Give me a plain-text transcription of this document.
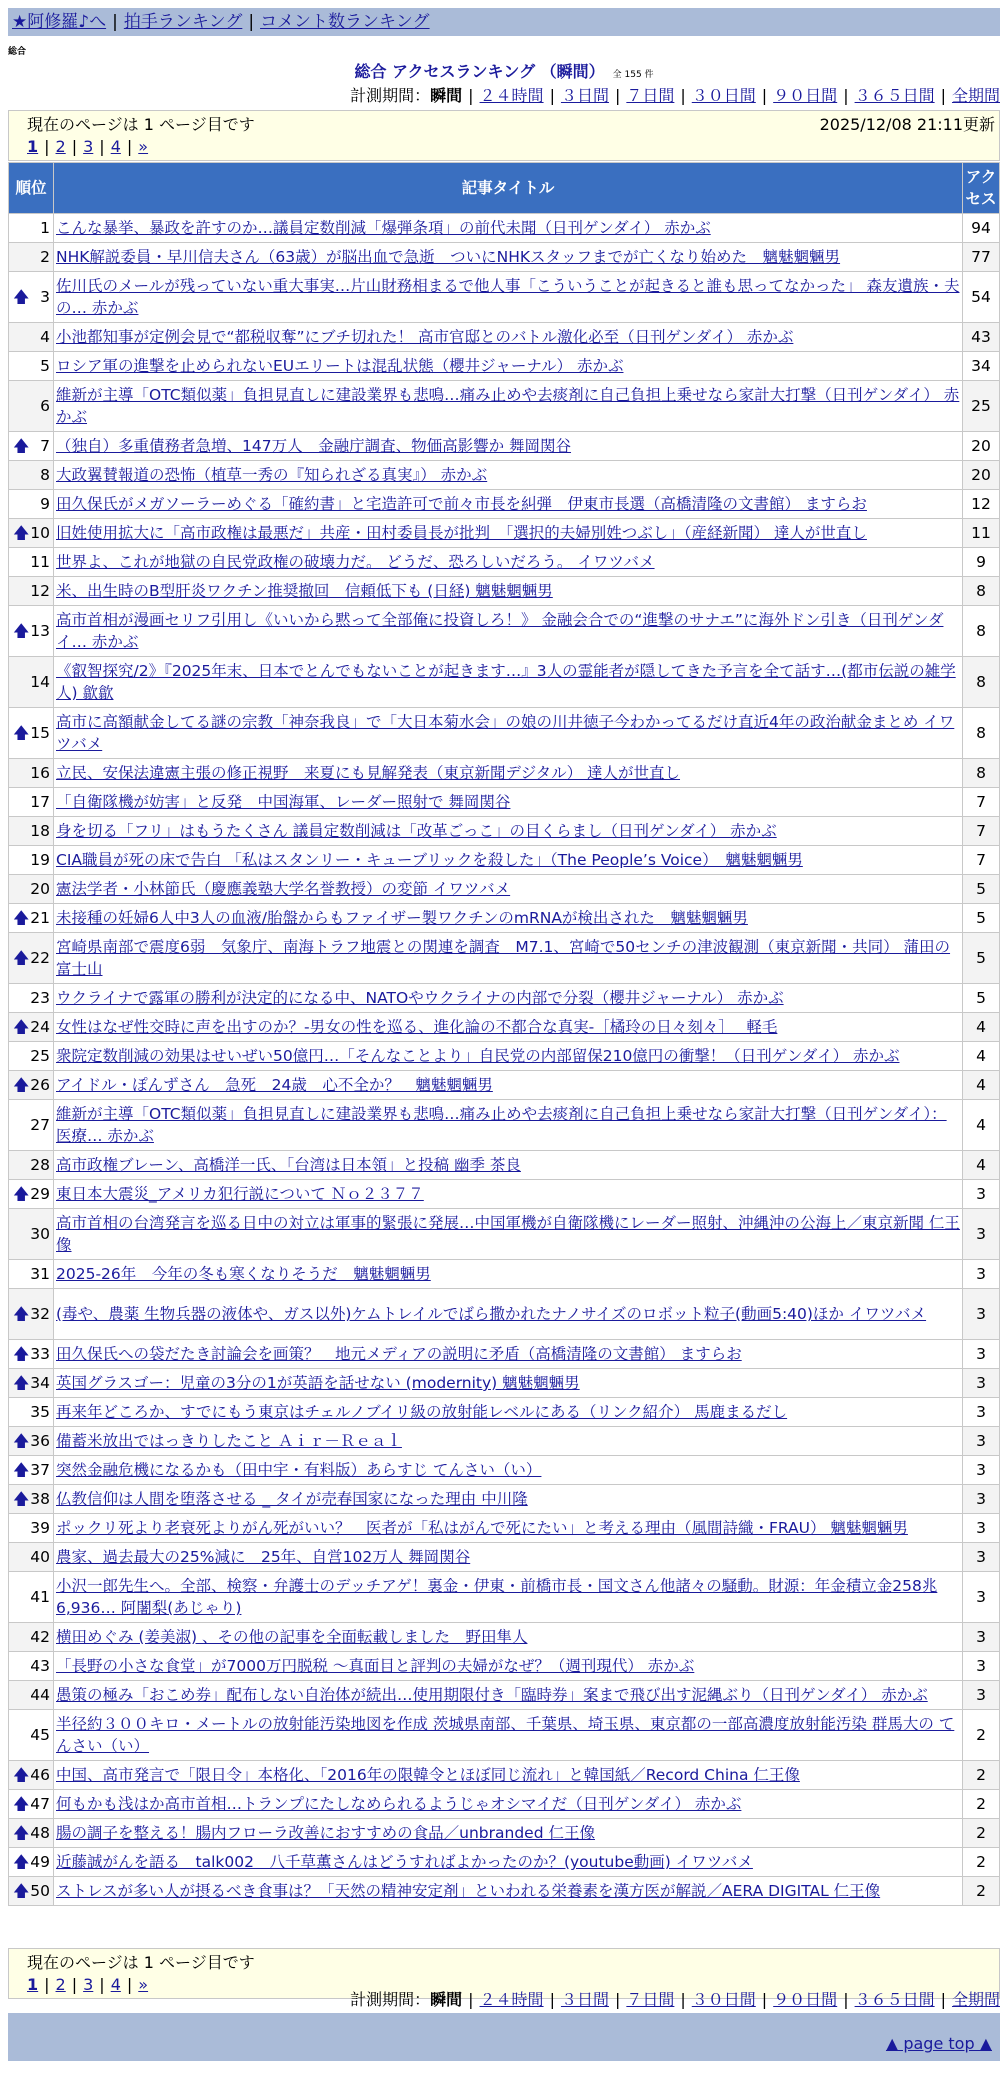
★阿修羅♪へ | 拍手ランキング | コメント数ランキング
総合
総合 アクセスランキング （瞬間） 全 155 件
計測期間：瞬間 | ２４時間 | ３日間 | ７日間 | ３０日間 | ９０日間 | ３６５日間 | 全期間
現在のページは 1 ページ目です	2025/12/08 21:11更新
1 | 2 | 3 | 4 | »
順位	記事タイトル	アクセス
1	こんな暴挙、暴政を許すのか…議員定数削減「爆弾条項」の前代未聞（日刊ゲンダイ） 赤かぶ	94
2	NHK解説委員・早川信夫さん（63歳）が脳出血で急逝　ついにNHKスタッフまでが亡くなり始めた　魑魅魍魎男	77

🡅 3	佐川氏のメールが残っていない重大事実…片山財務相まるで他人事「こういうことが起きると誰も思ってなかった」 森友遺族・夫の… 赤かぶ	54
4	小池都知事が定例会見で“都税収奪”にブチ切れた！ 高市官邸とのバトル激化必至（日刊ゲンダイ） 赤かぶ	43
5	ロシア軍の進撃を止められないEUエリートは混乱状態（櫻井ジャーナル） 赤かぶ	34
6	維新が主導「OTC類似薬」負担見直しに建設業界も悲鳴…痛み止めや去痰剤に自己負担上乗せなら家計大打撃（日刊ゲンダイ） 赤かぶ	25

🡅 7	（独自）多重債務者急増、147万人　金融庁調査、物価高影響か 舞岡関谷	20
8	大政翼賛報道の恐怖（植草一秀の『知られざる真実』） 赤かぶ	20
9	田久保氏がメガソーラーめぐる「確約書」と宅造許可で前々市長を糾弾　伊東市長選（高橋清隆の文書館） ますらお	12

🡅 10	旧姓使用拡大に「高市政権は最悪だ」共産・田村委員長が批判　「選択的夫婦別姓つぶし」（産経新聞） 達人が世直し	11
11	世界よ、これが地獄の自民党政権の破壊力だ。 どうだ、恐ろしいだろう。 イワツバメ	9
12	米、出生時のB型肝炎ワクチン推奨撤回　信頼低下も (日経) 魑魅魍魎男	8

🡅 13	高市首相が漫画セリフ引用し《いいから黙って全部俺に投資しろ！》 金融会合での“進撃のサナエ”に海外ドン引き（日刊ゲンダイ… 赤かぶ	8
14	《叡智探究/2》『2025年末、日本でとんでもないことが起きます…』3人の霊能者が隠してきた予言を全て話す…(都市伝説の雑学人) 歙歙	8

🡅 15	高市に高額献金してる謎の宗教「神奈我良」で「大日本菊水会」の娘の川井徳子今わかってるだけ直近4年の政治献金まとめ イワツバメ	8
16	立民、安保法違憲主張の修正視野　来夏にも見解発表（東京新聞デジタル） 達人が世直し	8
17	「自衛隊機が妨害」と反発　中国海軍、レーダー照射で 舞岡関谷	7
18	身を切る「フリ」はもうたくさん 議員定数削減は「改革ごっこ」の目くらまし（日刊ゲンダイ） 赤かぶ	7
19	CIA職員が死の床で告白 「私はスタンリー・キューブリックを殺した」（The People’s Voice）　魑魅魍魎男	7
20	憲法学者・小林節氏（慶應義塾大学名誉教授）の変節 イワツバメ	5

🡅 21	未接種の妊婦6人中3人の血液/胎盤からもファイザー製ワクチンのmRNAが検出された　魑魅魍魎男	5

🡅 22	宮崎県南部で震度6弱　気象庁、南海トラフ地震との関連を調査　M7.1、宮崎で50センチの津波観測（東京新聞・共同） 蒲田の富士山	5
23	ウクライナで露軍の勝利が決定的になる中、NATOやウクライナの内部で分裂（櫻井ジャーナル） 赤かぶ	5

🡅 24	女性はなぜ性交時に声を出すのか？-男女の性を巡る、進化論の不都合な真実-［橘玲の日々刻々］　 軽毛	4
25	衆院定数削減の効果はせいぜい50億円…「そんなことより」自民党の内部留保210億円の衝撃！（日刊ゲンダイ） 赤かぶ	4

🡅 26	アイドル・ぽんずさん　急死　24歳　心不全か？　魑魅魍魎男	4
27	維新が主導「OTC類似薬」負担見直しに建設業界も悲鳴…痛み止めや去痰剤に自己負担上乗せなら家計大打撃（日刊ゲンダイ）：医療… 赤かぶ	4
28	高市政権ブレーン、高橋洋一氏、「台湾は日本領」と投稿 幽季 茶良	4

🡅 29	東日本大震災_アメリカ犯行説について Ｎｏ２３７７	3
30	高市首相の台湾発言を巡る日中の対立は軍事的緊張に発展…中国軍機が自衛隊機にレーダー照射、沖縄沖の公海上／東京新聞 仁王像	3
31	2025-26年　今年の冬も寒くなりそうだ　魑魅魍魎男	3

🡅 32	(毒や、農薬 生物兵器の液体や、ガス以外)ケムトレイルでばら撒かれたナノサイズのロボット粒子(動画5:40)ほか イワツバメ	3

🡅 33	田久保氏への袋だたき討論会を画策？　地元メディアの説明に矛盾（高橋清隆の文書館） ますらお	3

🡅 34	英国グラスゴー：児童の3分の1が英語を話せない (modernity) 魑魅魍魎男	3
35	再来年どころか、すでにもう東京はチェルノブイリ級の放射能レベルにある（リンク紹介） 馬鹿まるだし	3

🡅 36	備蓄米放出ではっきりしたこと Ａｉｒ－Ｒｅａｌ	3

🡅 37	突然金融危機になるかも（田中宇・有料版）あらすじ てんさい（い）	3

🡅 38	仏教信仰は人間を堕落させる _ タイが売春国家になった理由 中川隆	3
39	ポックリ死より老衰死よりがん死がいい？　医者が「私はがんで死にたい」と考える理由（風間詩織・FRAU） 魑魅魍魎男	3
40	農家、過去最大の25%減に　25年、自営102万人 舞岡関谷	3
41	小沢一郎先生へ。全部、検察・弁護士のデッチアゲ！裏金・伊東・前橋市長・国文さん他諸々の騒動。財源：年金積立金258兆6,936… 阿闍梨(あじゃり)	3
42	横田めぐみ (姜美淑) 、その他の記事を全面転載しました　野田隼人	3
43	「長野の小さな食堂」が7000万円脱税 ～真面目と評判の夫婦がなぜ？（週刊現代） 赤かぶ	3
44	愚策の極み「おこめ券」配布しない自治体が続出…使用期限付き「臨時券」案まで飛び出す泥縄ぶり（日刊ゲンダイ） 赤かぶ	3
45	半径約３００キロ・メートルの放射能汚染地図を作成 茨城県南部、千葉県、埼玉県、東京都の一部高濃度放射能汚染 群馬大の てんさい（い）	2

🡅 46	中国、高市発言で「限日令」本格化、「2016年の限韓令とほぼ同じ流れ」と韓国紙／Record China 仁王像	2

🡅 47	何もかも浅はか高市首相…トランプにたしなめられるようじゃオシマイだ（日刊ゲンダイ） 赤かぶ	2

🡅 48	腸の調子を整える！腸内フローラ改善におすすめの食品／unbranded 仁王像	2

🡅 49	近藤誠がんを語る　talk002　八千草薫さんはどうすればよかったのか？(youtube動画) イワツバメ	2

🡅 50	ストレスが多い人が摂るべき食事は？「天然の精神安定剤」といわれる栄養素を漢方医が解説／AERA DIGITAL 仁王像	2
現在のページは 1 ページ目です
1 | 2 | 3 | 4 | »
計測期間：瞬間 | ２４時間 | ３日間 | ７日間 | ３０日間 | ９０日間 | ３６５日間 | 全期間
▲ page top ▲
